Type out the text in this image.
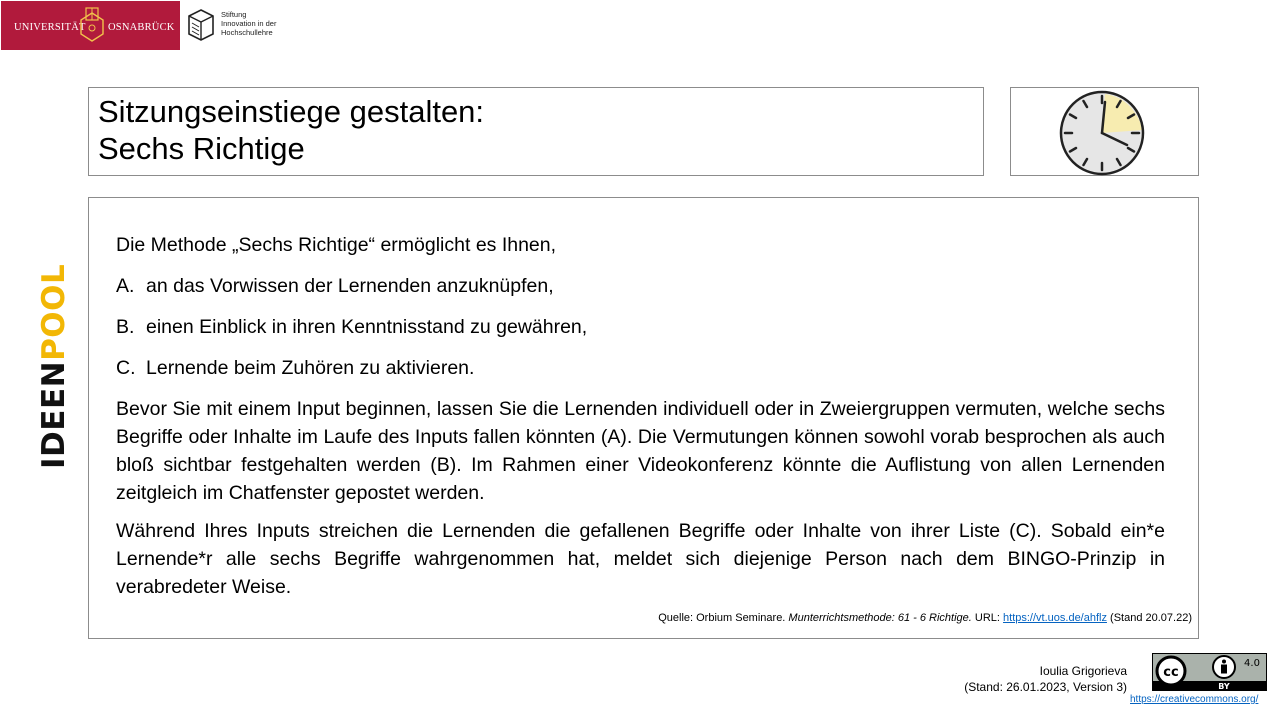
UNIVERSITÄT OSNABRÜCK
Stiftung
Innovation in der
Hochschullehre
Sitzungseinstiege gestalten:
Sechs Richtige
IDEENPOOL
Die Methode „Sechs Richtige“ ermöglicht es Ihnen,
A. an das Vorwissen der Lernenden anzuknüpfen,
B. einen Einblick in ihren Kenntnisstand zu gewähren,
C. Lernende beim Zuhören zu aktivieren.
Bevor Sie mit einem Input beginnen, lassen Sie die Lernenden individuell oder in Zweiergruppen vermuten, welche sechs Begriffe oder Inhalte im Laufe des Inputs fallen könnten (A). Die Vermutungen können sowohl vorab besprochen als auch bloß sichtbar festgehalten werden (B). Im Rahmen einer Videokonferenz könnte die Auflistung von allen Lernenden zeitgleich im Chatfenster gepostet werden.
Während Ihres Inputs streichen die Lernenden die gefallenen Begriffe oder Inhalte von ihrer Liste (C). Sobald ein*e Lernende*r alle sechs Begriffe wahrgenommen hat, meldet sich diejenige Person nach dem BINGO-Prinzip in verabredeter Weise.
Quelle: Orbium Seminare. Munterrichtsmethode: 61 - 6 Richtige. URL: https://vt.uos.de/ahflz (Stand 20.07.22)
Ioulia Grigorieva
(Stand: 26.01.2023, Version 3)
cc
4.0
BY
https://creativecommons.org/
